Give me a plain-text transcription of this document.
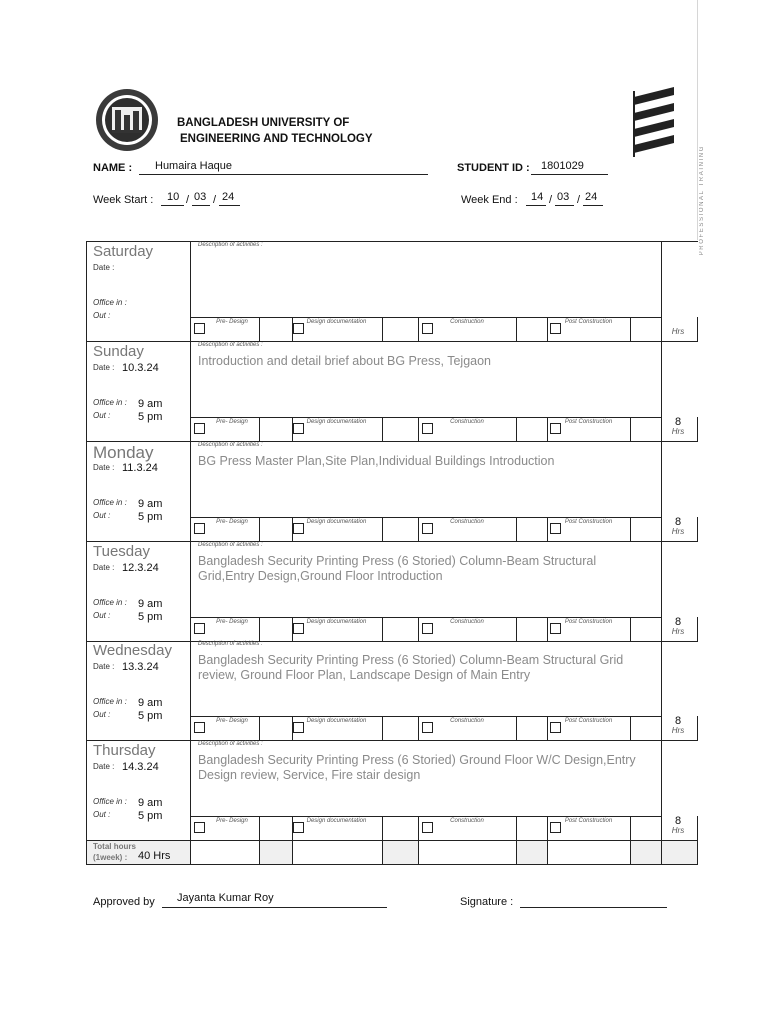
PROFESSIONAL TRAINING
BANGLADESH UNIVERSITY OF
ENGINEERING AND TECHNOLOGY
NAME : Humaira Haque	STUDENT ID : 1801029
Week Start : 10 / 03 / 24	Week End : 14 / 03 / 24
Saturday
Date :
Office in :
Out :
Description of activities :
Pre- Design	Design documentation	Construction	Post Construction
Hrs
Sunday
Date : 10.3.24
Office in : 9 am
Out :	5 pm
Description of activities :
Introduction and detail brief about BG Press, Tejgaon
Pre- Design	Design documentation	Construction	Post Construction	8
Hrs
Monday
Date : 11.3.24
Office in : 9 am
Out :	5 pm
Description of activities :
BG Press Master Plan,Site Plan,Individual Buildings Introduction
Pre- Design	Design documentation	Construction	Post Construction	8
Hrs
Tuesday
Date : 12.3.24
Office in : 9 am
Out :	5 pm
Description of activities :
Bangladesh Security Printing Press (6 Storied) Column-Beam Structural Grid,Entry Design,Ground Floor Introduction
Pre- Design	Design documentation	Construction	Post Construction	8
Hrs
Wednesday
Date : 13.3.24
Office in : 9 am
Out :	5 pm
Description of activities :
Bangladesh Security Printing Press (6 Storied) Column-Beam Structural Grid review, Ground Floor Plan, Landscape Design of Main Entry
Pre- Design	Design documentation	Construction	Post Construction	8
Hrs
Thursday
Date : 14.3.24
Office in : 9 am
Out :	5 pm
Description of activities :
Bangladesh Security Printing Press (6 Storied) Ground Floor W/C Design,Entry Design review, Service, Fire stair design
Pre- Design	Design documentation	Construction	Post Construction	8
Hrs
Total hours (1week) : 40 Hrs
Approved by Jayanta Kumar Roy	Signature :
